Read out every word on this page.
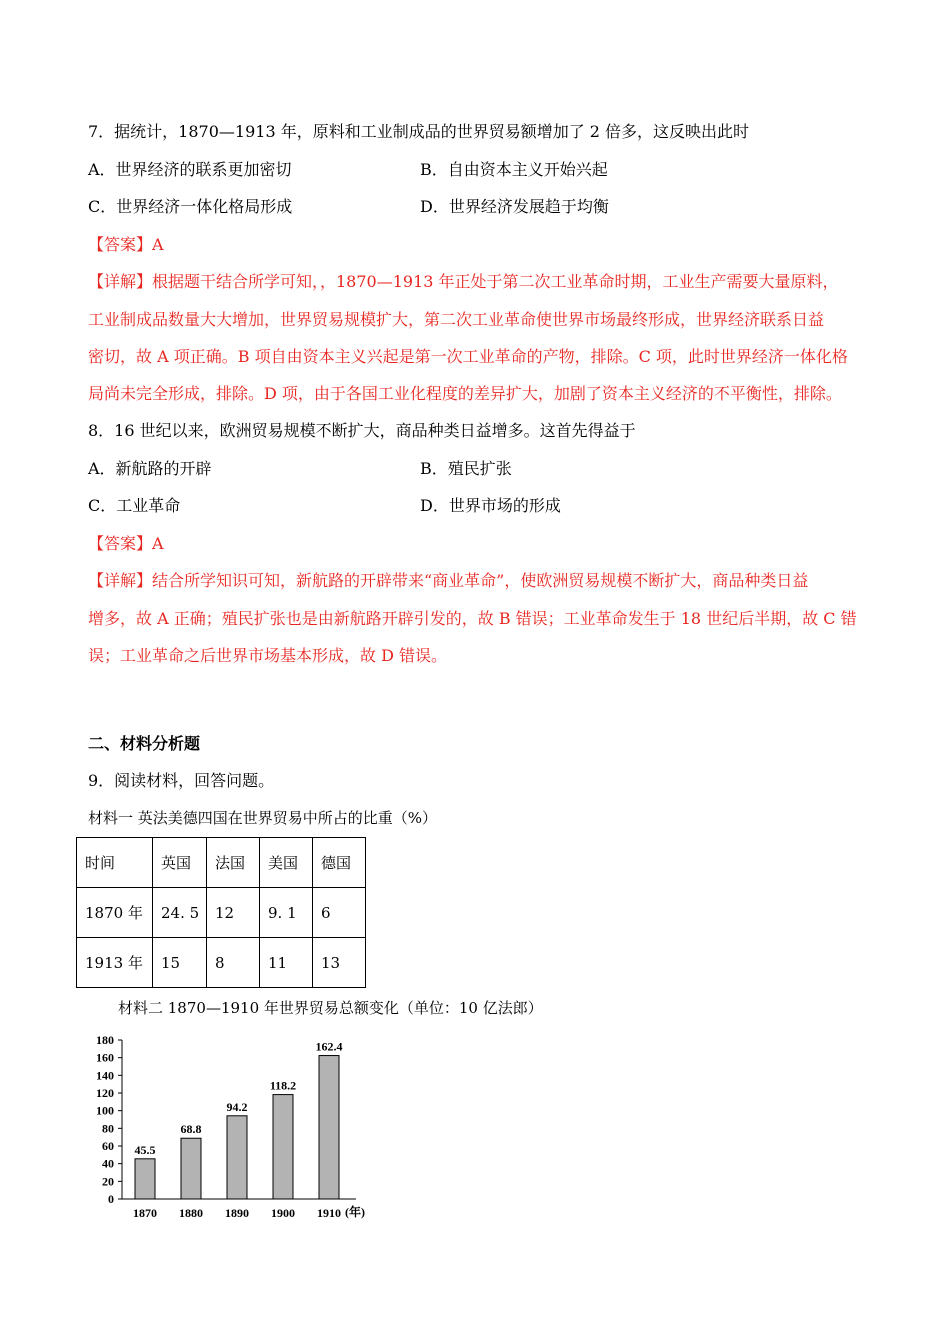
7．据统计，1870—1913 年，原料和工业制成品的世界贸易额增加了 2 倍多，这反映出此时
A．世界经济的联系更加密切	B．自由资本主义开始兴起
C．世界经济一体化格局形成	D．世界经济发展趋于均衡
【答案】A
【详解】根据题干结合所学可知，，1870—1913 年正处于第二次工业革命时期，工业生产需要大量原料，
工业制成品数量大大增加，世界贸易规模扩大，第二次工业革命使世界市场最终形成，世界经济联系日益
密切，故 A 项正确。B 项自由资本主义兴起是第一次工业革命的产物，排除。C 项，此时世界经济一体化格
局尚未完全形成，排除。D 项，由于各国工业化程度的差异扩大，加剧了资本主义经济的不平衡性，排除。
8．16 世纪以来，欧洲贸易规模不断扩大，商品种类日益增多。这首先得益于
A．新航路的开辟	B．殖民扩张
C．工业革命	D．世界市场的形成
【答案】A
【详解】结合所学知识可知，新航路的开辟带来“商业革命”，使欧洲贸易规模不断扩大，商品种类日益
增多，故 A 正确；殖民扩张也是由新航路开辟引发的，故 B 错误；工业革命发生于 18 世纪后半期，故 C 错
误；工业革命之后世界市场基本形成，故 D 错误。
二、材料分析题
9．阅读材料，回答问题。
材料一 英法美德四国在世界贸易中所占的比重（%）
时间	英国	法国	美国	德国
1870 年	24. 5	12	9. 1	6
1913 年	15	8	11	13
材料二 1870—1910 年世界贸易总额变化（单位：10 亿法郎）
0
20
40
60
80
100
120
140
160
180
45.5
1870
68.8
1880
94.2
1890
118.2
1900
162.4
1910 (年)
